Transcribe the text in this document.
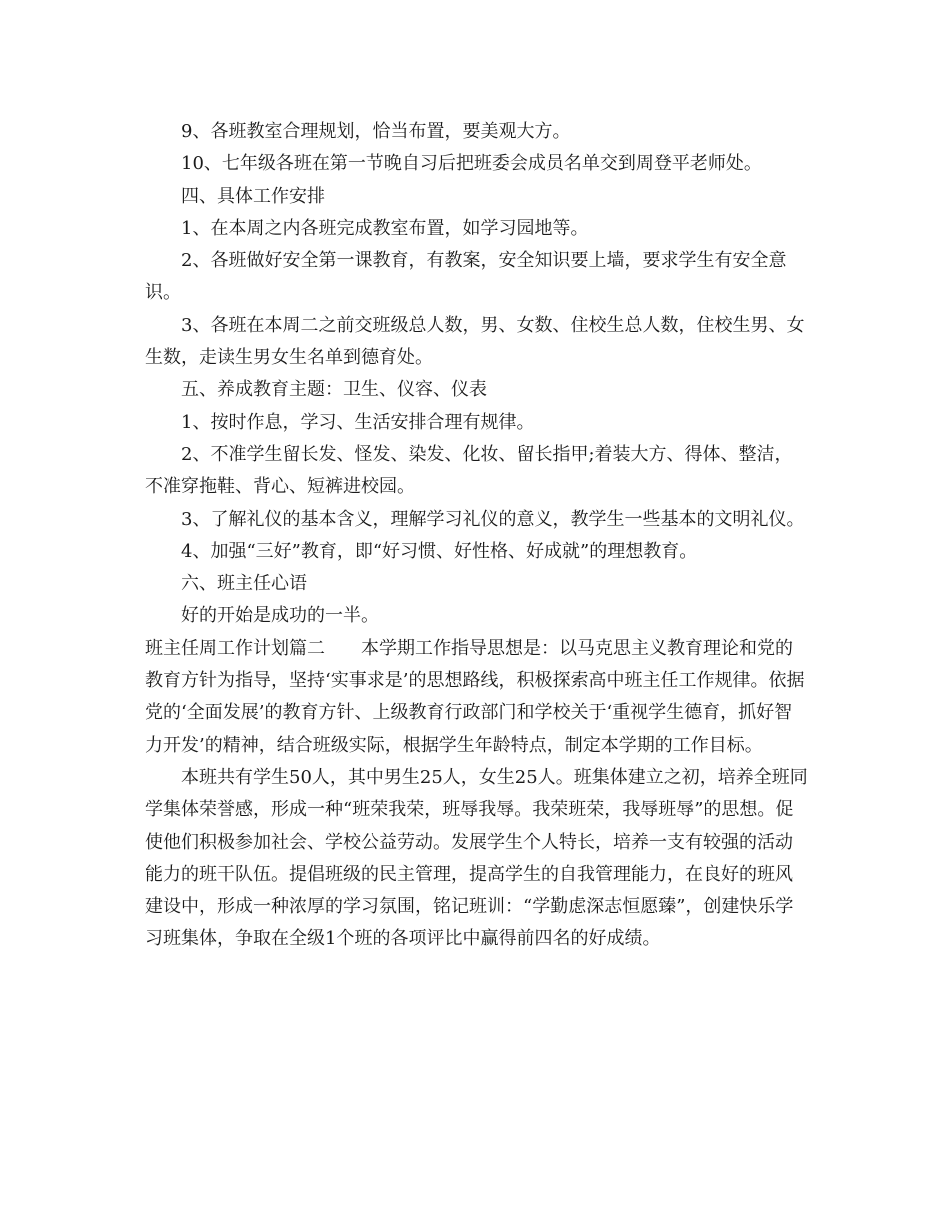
9、各班教室合理规划，恰当布置，要美观大方。

10、七年级各班在第一节晚自习后把班委会成员名单交到周登平老师处。

四、具体工作安排

1、在本周之内各班完成教室布置，如学习园地等。

2、各班做好安全第一课教育，有教案，安全知识要上墙，要求学生有安全意识。

3、各班在本周二之前交班级总人数，男、女数、住校生总人数，住校生男、女生数，走读生男女生名单到德育处。

五、养成教育主题：卫生、仪容、仪表

1、按时作息，学习、生活安排合理有规律。

2、不准学生留长发、怪发、染发、化妆、留长指甲;着装大方、得体、整洁，不准穿拖鞋、背心、短裤进校园。

3、了解礼仪的基本含义，理解学习礼仪的意义，教学生一些基本的文明礼仪。

4、加强“三好”教育，即“好习惯、好性格、好成就”的理想教育。

六、班主任心语

好的开始是成功的一半。

班主任周工作计划篇二 本学期工作指导思想是：以马克思主义教育理论和党的教育方针为指导，坚持‘实事求是’的思想路线，积极探索高中班主任工作规律。依据党的‘全面发展’的教育方针、上级教育行政部门和学校关于‘重视学生德育，抓好智力开发’的精神，结合班级实际，根据学生年龄特点，制定本学期的工作目标。

本班共有学生50人，其中男生25人，女生25人。班集体建立之初，培养全班同学集体荣誉感，形成一种“班荣我荣，班辱我辱。我荣班荣，我辱班辱”的思想。促使他们积极参加社会、学校公益劳动。发展学生个人特长，培养一支有较强的活动能力的班干队伍。提倡班级的民主管理，提高学生的自我管理能力，在良好的班风建设中，形成一种浓厚的学习氛围，铭记班训：“学勤虑深志恒愿臻”，创建快乐学习班集体，争取在全级1个班的各项评比中赢得前四名的好成绩。
